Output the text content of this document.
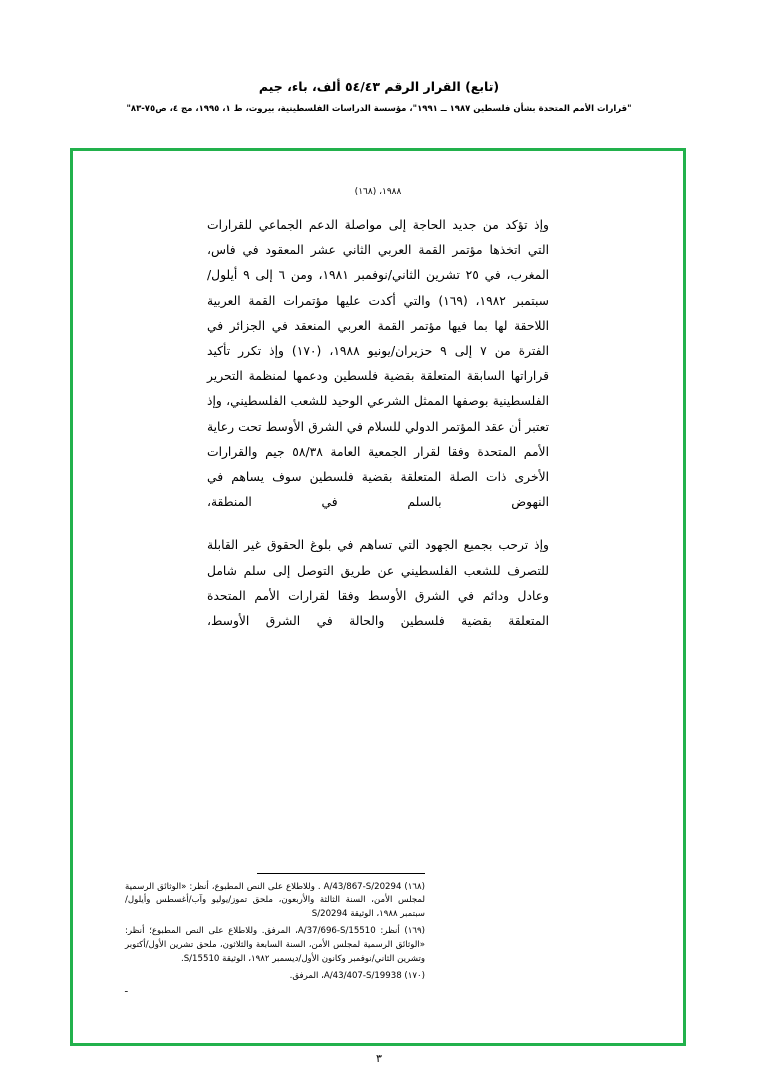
(تابع) القرار الرقم ٥٤/٤٣ ألف، باء، جيم
"قرارات الأمم المتحدة بشأن فلسطين ١٩٨٧ ــ ١٩٩١"، مؤسسة الدراسات الفلسطينية، بيروت، ط ١، ١٩٩٥، مج ٤، ص٧٥-٨٣"
١٩٨٨، (١٦٨)
وإذ تؤكد من جديد الحاجة إلى مواصلة الدعم الجماعي للقرارات التي اتخذها مؤتمر القمة العربي الثاني عشر المعقود في فاس، المغرب، في ٢٥ تشرين الثاني/نوفمبر ١٩٨١، ومن ٦ إلى ٩ أيلول/سبتمبر ١٩٨٢، (١٦٩) والتي أكدت عليها مؤتمرات القمة العربية اللاحقة لها بما فيها مؤتمر القمة العربي المنعقد في الجزائر في الفترة من ٧ إلى ٩ حزيران/يونيو ١٩٨٨، (١٧٠) وإذ تكرر تأكيد قراراتها السابقة المتعلقة بقضية فلسطين ودعمها لمنظمة التحرير الفلسطينية بوصفها الممثل الشرعي الوحيد للشعب الفلسطيني، وإذ تعتبر أن عقد المؤتمر الدولي للسلام في الشرق الأوسط تحت رعاية الأمم المتحدة وفقا لقرار الجمعية العامة ٥٨/٣٨ جيم والقرارات الأخرى ذات الصلة المتعلقة بقضية فلسطين سوف يساهم في النهوض بالسلم في المنطقة،
وإذ ترحب بجميع الجهود التي تساهم في بلوغ الحقوق غير القابلة للتصرف للشعب الفلسطيني عن طريق التوصل إلى سلم شامل وعادل ودائم في الشرق الأوسط وفقا لقرارات الأمم المتحدة المتعلقة بقضية فلسطين والحالة في الشرق الأوسط،
(١٦٨) A/43/867-S/20294 . وللاطلاع على النص المطبوع، أنظر: «الوثائق الرسمية لمجلس الأمن، السنة الثالثة والأربعون، ملحق تموز/يوليو وآب/أغسطس وأيلول/سبتمبر ١٩٨٨، الوثيقة S/20294
(١٦٩) أنظر: A/37/696-S/15510، المرفق. وللاطلاع على النص المطبوع؛ أنظر: «الوثائق الرسمية لمجلس الأمن، السنة السابعة والثلاثون، ملحق تشرين الأول/أكتوبر وتشرين الثاني/نوفمبر وكانون الأول/ديسمبر ١٩٨٢، الوثيقة S/15510.
(١٧٠) A/43/407-S/19938، المرفق.
ـ
٣
